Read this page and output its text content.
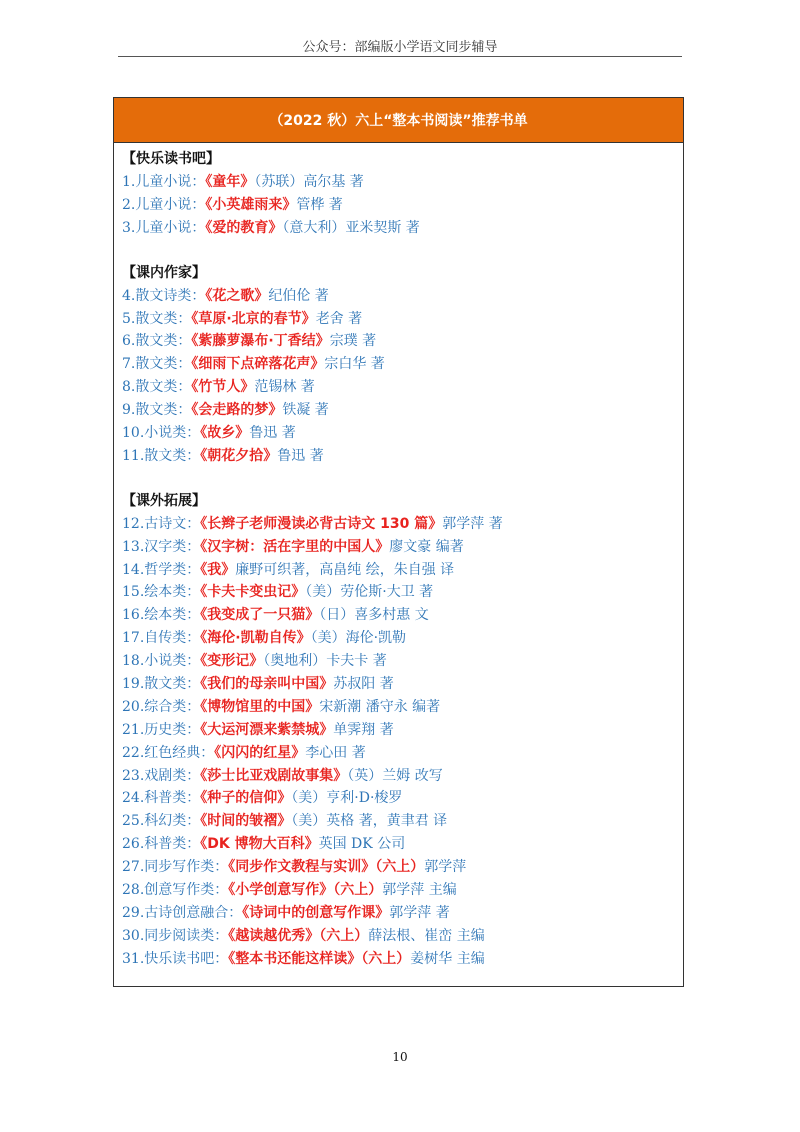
公众号：部编版小学语文同步辅导
（2022 秋）六上“整本书阅读”推荐书单
【快乐读书吧】
1.儿童小说：《童年》（苏联）高尔基 著
2.儿童小说：《小英雄雨来》管桦 著
3.儿童小说：《爱的教育》（意大利）亚米契斯 著
【课内作家】
4.散文诗类：《花之歌》纪伯伦 著
5.散文类：《草原·北京的春节》老舍 著
6.散文类：《紫藤萝瀑布·丁香结》宗璞 著
7.散文类：《细雨下点碎落花声》宗白华 著
8.散文类：《竹节人》范锡林 著
9.散文类：《会走路的梦》铁凝 著
10.小说类：《故乡》鲁迅 著
11.散文类：《朝花夕拾》鲁迅 著
【课外拓展】
12.古诗文：《长辫子老师漫读必背古诗文 130 篇》郭学萍 著
13.汉字类：《汉字树：活在字里的中国人》廖文豪 编著
14.哲学类：《我》廉野可织著，高畠纯 绘，朱自强 译
15.绘本类：《卡夫卡变虫记》（美）劳伦斯·大卫 著
16.绘本类：《我变成了一只猫》（日）喜多村惠 文
17.自传类：《海伦·凯勒自传》（美）海伦·凯勒
18.小说类：《变形记》（奥地利）卡夫卡 著
19.散文类：《我们的母亲叫中国》苏叔阳 著
20.综合类：《博物馆里的中国》宋新潮 潘守永 编著
21.历史类：《大运河漂来紫禁城》单霁翔 著
22.红色经典：《闪闪的红星》李心田 著
23.戏剧类：《莎士比亚戏剧故事集》（英）兰姆 改写
24.科普类：《种子的信仰》（美）亨利·D·梭罗
25.科幻类：《时间的皱褶》（美）英格 著，黄聿君 译
26.科普类：《DK 博物大百科》英国 DK 公司
27.同步写作类：《同步作文教程与实训》（六上）郭学萍
28.创意写作类：《小学创意写作》（六上）郭学萍 主编
29.古诗创意融合：《诗词中的创意写作课》郭学萍 著
30.同步阅读类：《越读越优秀》（六上）薛法根、崔峦 主编
31.快乐读书吧：《整本书还能这样读》（六上）姜树华 主编
10
